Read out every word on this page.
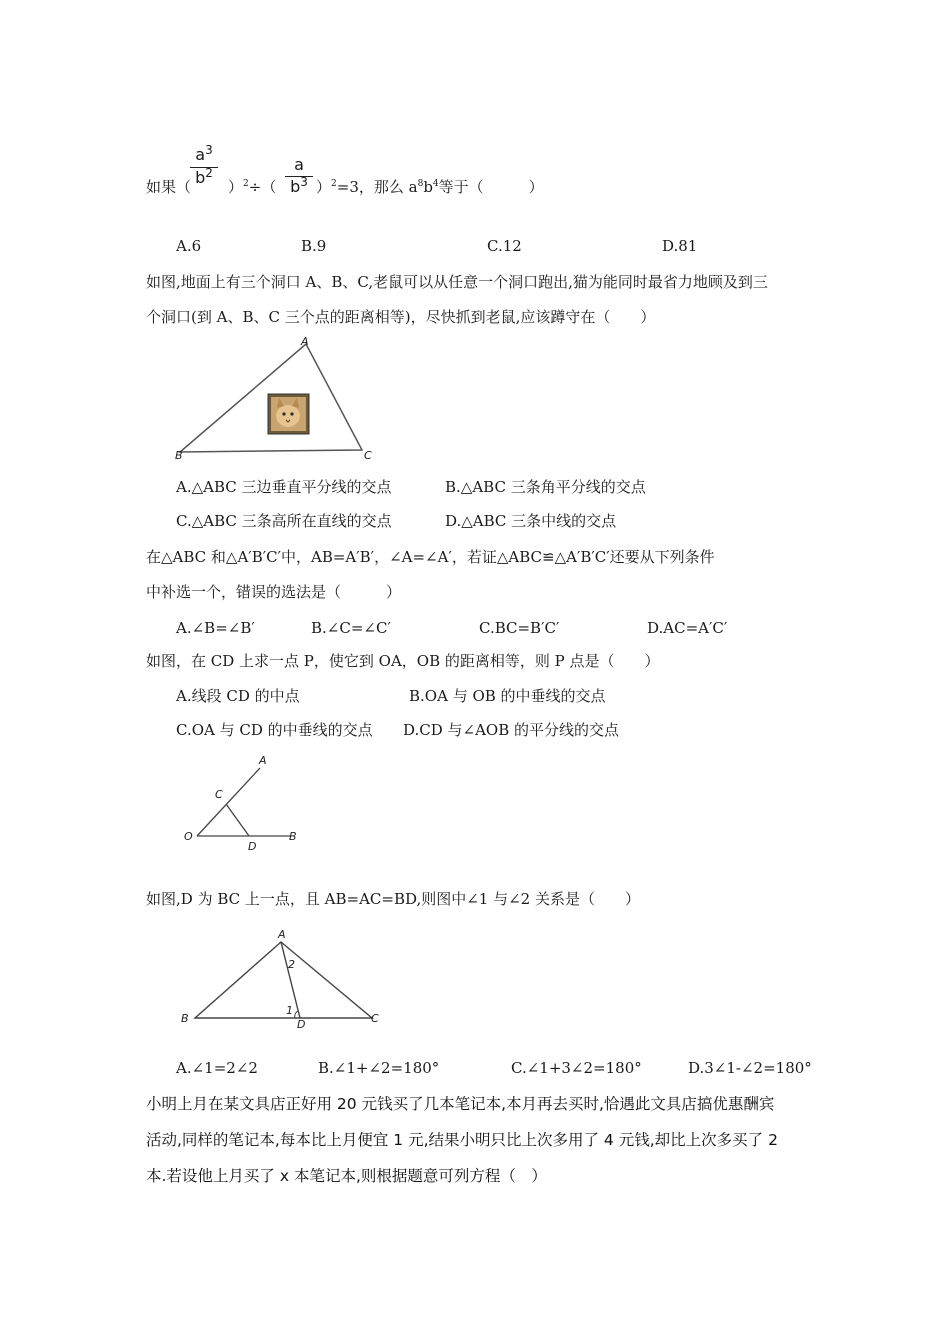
如果（
$a^3$
$b^2$
）$^2$÷（
a
$b^3$ ）$^2$=3，那么 $a^8b^4$等于（　　　）
A.6	B.9	C.12	D.81
如图,地面上有三个洞口 A、B、C,老鼠可以从任意一个洞口跑出,猫为能同时最省力地顾及到三
个洞口(到 A、B、C 三个点的距离相等)，尽快抓到老鼠,应该蹲守在（　　）
A
B	C
A.△ABC 三边垂直平分线的交点	B.△ABC 三条角平分线的交点
C.△ABC 三条高所在直线的交点	D.△ABC 三条中线的交点
在△ABC 和△A′B′C′中，AB=A′B′，∠A=∠A′，若证△ABC≌△A′B′C′还要从下列条件
中补选一个，错误的选法是（　　　）
A.∠B=∠B′	B.∠C=∠C′	C.BC=B′C′	D.AC=A′C′
如图，在 CD 上求一点 P，使它到 OA，OB 的距离相等，则 P 点是（　　）
A.线段 CD 的中点	B.OA 与 OB 的中垂线的交点
C.OA 与 CD 的中垂线的交点 D.CD 与∠AOB 的平分线的交点
A
C
O
D
B
如图,D 为 BC 上一点，且 AB=AC=BD,则图中∠1 与∠2 关系是（　　）
A
B	C
D
1
2
A.∠1=2∠2	B.∠1+∠2=180°	C.∠1+3∠2=180°	D.3∠1-∠2=180°
小明上月在某文具店正好用 20 元钱买了几本笔记本,本月再去买时,恰遇此文具店搞优惠酬宾
活动,同样的笔记本,每本比上月便宜 1 元,结果小明只比上次多用了 4 元钱,却比上次多买了 2
本.若设他上月买了 x 本笔记本,则根据题意可列方程（　）
